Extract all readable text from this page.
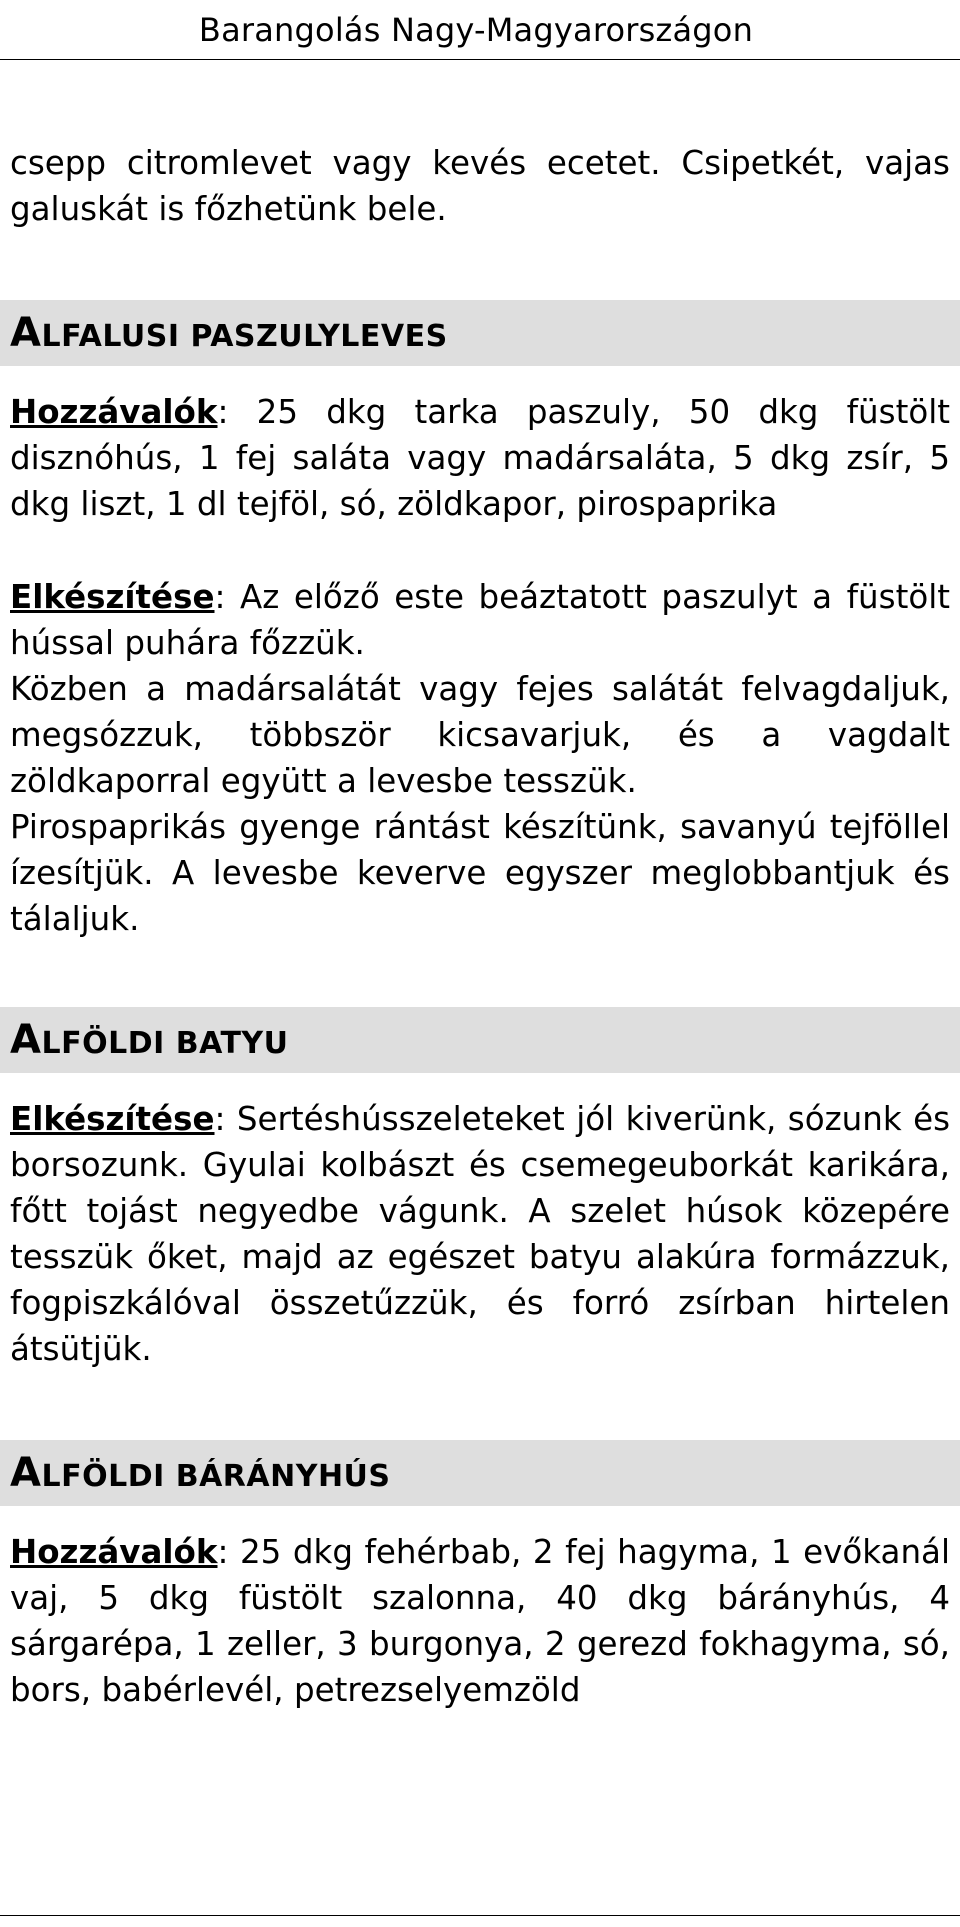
Barangolás Nagy-Magyarországon

csepp citromlevet vagy kevés ecetet. Csipetkét, vajas galuskát is főzhetünk bele.

ALFALUSI PASZULYLEVES

Hozzávalók: 25 dkg tarka paszuly, 50 dkg füstölt disznóhús, 1 fej saláta vagy madársaláta, 5 dkg zsír, 5 dkg liszt, 1 dl tejföl, só, zöldkapor, pirospaprika

Elkészítése: Az előző este beáztatott paszulyt a füstölt hússal puhára főzzük.

Közben a madársalátát vagy fejes salátát felvagdaljuk, megsózzuk, többször kicsavarjuk, és a vagdalt zöldkaporral együtt a levesbe tesszük.

Pirospaprikás gyenge rántást készítünk, savanyú tejföllel ízesítjük. A levesbe keverve egyszer meglobbantjuk és tálaljuk.

ALFÖLDI BATYU

Elkészítése: Sertéshússzeleteket jól kiverünk, sózunk és borsozunk. Gyulai kolbászt és csemegeuborkát karikára, főtt tojást negyedbe vágunk. A szelet húsok közepére tesszük őket, majd az egészet batyu alakúra formázzuk, fogpiszkálóval összetűzzük, és forró zsírban hirtelen átsütjük.

ALFÖLDI BÁRÁNYHÚS

Hozzávalók: 25 dkg fehérbab, 2 fej hagyma, 1 evőkanál vaj, 5 dkg füstölt szalonna, 40 dkg bárányhús, 4 sárgarépa, 1 zeller, 3 burgonya, 2 gerezd fokhagyma, só, bors, babérlevél, petrezselyemzöld
